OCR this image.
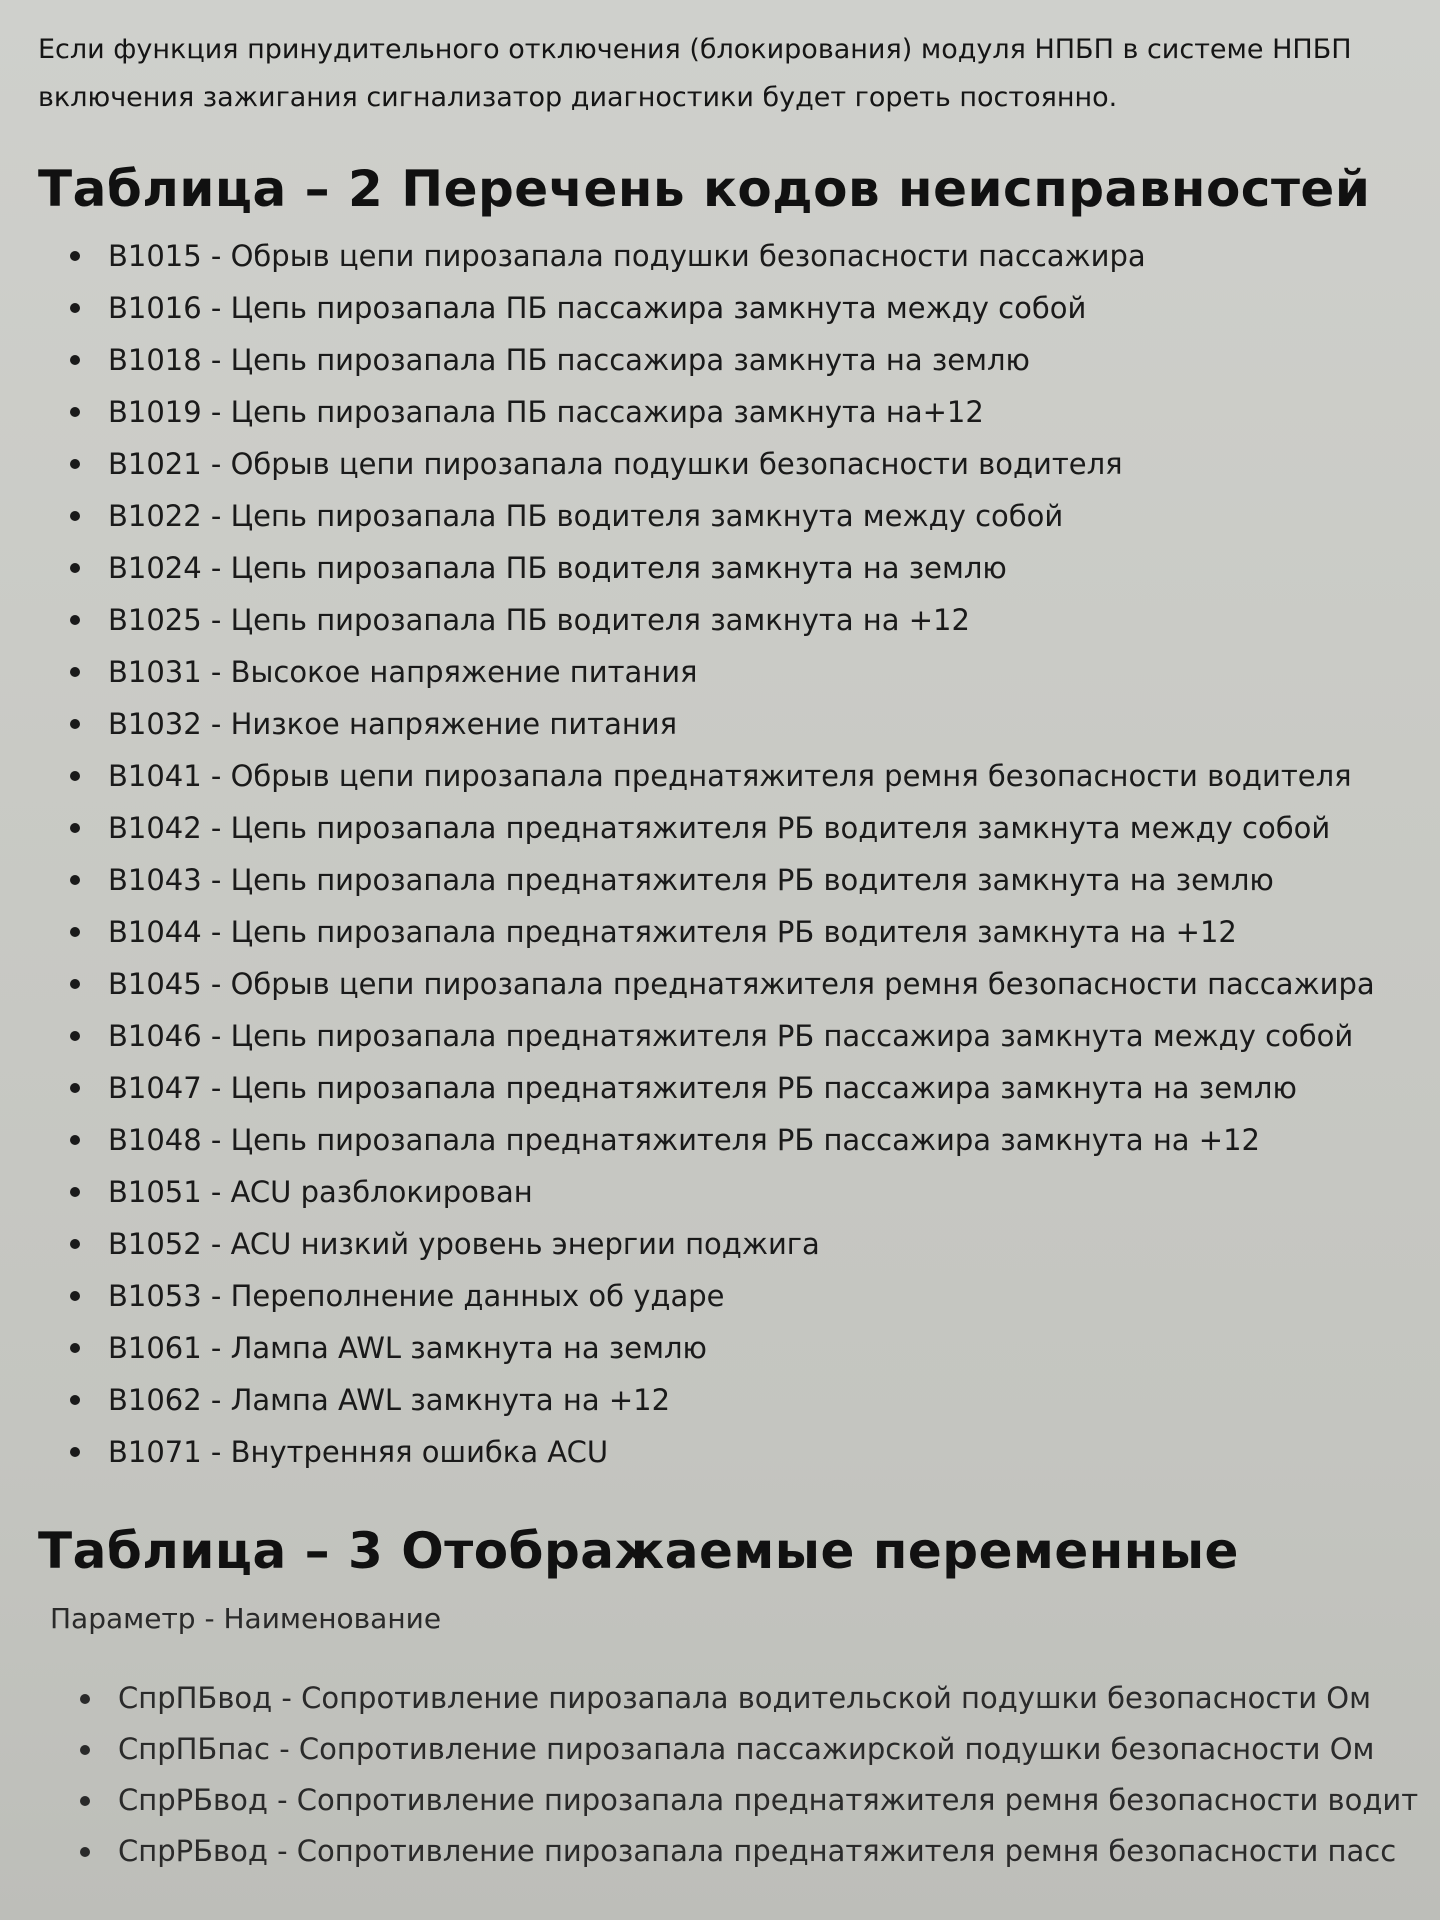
Если функция принудительного отключения (блокирования) модуля НПБП в системе НПБП
включения зажигания сигнализатор диагностики будет гореть постоянно.

Таблица – 2 Перечень кодов неисправностей
B1015 - Обрыв цепи пирозапала подушки безопасности пассажира
B1016 - Цепь пирозапала ПБ пассажира замкнута между собой
B1018 - Цепь пирозапала ПБ пассажира замкнута на землю
B1019 - Цепь пирозапала ПБ пассажира замкнута на+12
B1021 - Обрыв цепи пирозапала подушки безопасности водителя
B1022 - Цепь пирозапала ПБ водителя замкнута между собой
B1024 - Цепь пирозапала ПБ водителя замкнута на землю
B1025 - Цепь пирозапала ПБ водителя замкнута на +12
B1031 - Высокое напряжение питания
B1032 - Низкое напряжение питания
B1041 - Обрыв цепи пирозапала преднатяжителя ремня безопасности водителя
B1042 - Цепь пирозапала преднатяжителя РБ водителя замкнута между собой
B1043 - Цепь пирозапала преднатяжителя РБ водителя замкнута на землю
B1044 - Цепь пирозапала преднатяжителя РБ водителя замкнута на +12
B1045 - Обрыв цепи пирозапала преднатяжителя ремня безопасности пассажира
B1046 - Цепь пирозапала преднатяжителя РБ пассажира замкнута между собой
B1047 - Цепь пирозапала преднатяжителя РБ пассажира замкнута на землю
B1048 - Цепь пирозапала преднатяжителя РБ пассажира замкнута на +12
B1051 - ACU разблокирован
B1052 - ACU низкий уровень энергии поджига
B1053 - Переполнение данных об ударе
B1061 - Лампа AWL замкнута на землю
B1062 - Лампа AWL замкнута на +12
B1071 - Внутренняя ошибка ACU
Таблица – 3 Отображаемые переменные
Параметр - Наименование
СпрПБвод - Сопротивление пирозапала водительской подушки безопасности Ом
СпрПБпас - Сопротивление пирозапала пассажирской подушки безопасности Ом
СпрРБвод - Сопротивление пирозапала преднатяжителя ремня безопасности водит
СпрРБвод - Сопротивление пирозапала преднатяжителя ремня безопасности пасс
